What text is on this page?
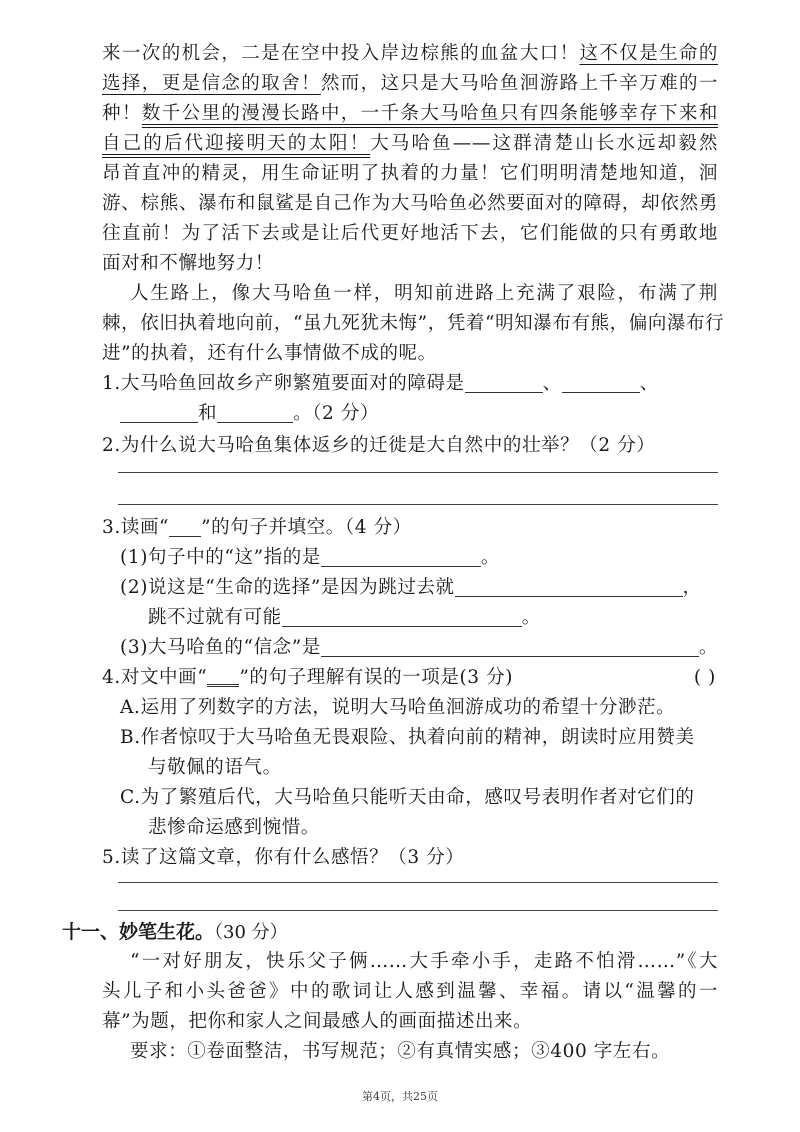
来一次的机会，二是在空中投入岸边棕熊的血盆大口！这不仅是生命的
选择，更是信念的取舍！然而，这只是大马哈鱼洄游路上千辛万难的一
种！数千公里的漫漫长路中，一千条大马哈鱼只有四条能够幸存下来和
自己的后代迎接明天的太阳！大马哈鱼——这群清楚山长水远却毅然
昂首直冲的精灵，用生命证明了执着的力量！它们明明清楚地知道，洄
游、棕熊、瀑布和鼠鲨是自己作为大马哈鱼必然要面对的障碍，却依然勇
往直前！为了活下去或是让后代更好地活下去，它们能做的只有勇敢地
面对和不懈地努力！
人生路上，像大马哈鱼一样，明知前进路上充满了艰险，布满了荆
棘，依旧执着地向前，“虽九死犹未悔”，凭着“明知瀑布有熊，偏向瀑布行
进”的执着，还有什么事情做不成的呢。
1.大马哈鱼回故乡产卵繁殖要面对的障碍是	、	、
和	。（2 分）
2.为什么说大马哈鱼集体返乡的迁徙是大自然中的壮举？（2 分）
3.读画“ ”的句子并填空。（4 分）
(1)句子中的“这”指的是	。
(2)说这是“生命的选择”是因为跳过去就	，
跳不过就有可能	。
(3)大马哈鱼的“信念”是	。
4.对文中画“ ”的句子理解有误的一项是(3 分)	( )
A.运用了列数字的方法，说明大马哈鱼洄游成功的希望十分渺茫。
B.作者惊叹于大马哈鱼无畏艰险、执着向前的精神，朗读时应用赞美
与敬佩的语气。
C.为了繁殖后代，大马哈鱼只能听天由命，感叹号表明作者对它们的
悲惨命运感到惋惜。
5.读了这篇文章，你有什么感悟？（3 分）
十一、妙笔生花。（30 分）
“一对好朋友，快乐父子俩……大手牵小手，走路不怕滑……”《大
头儿子和小头爸爸》中的歌词让人感到温馨、幸福。请以“温馨的一
幕”为题，把你和家人之间最感人的画面描述出来。
要求：①卷面整洁，书写规范；②有真情实感；③400 字左右。
第4页，共25页
